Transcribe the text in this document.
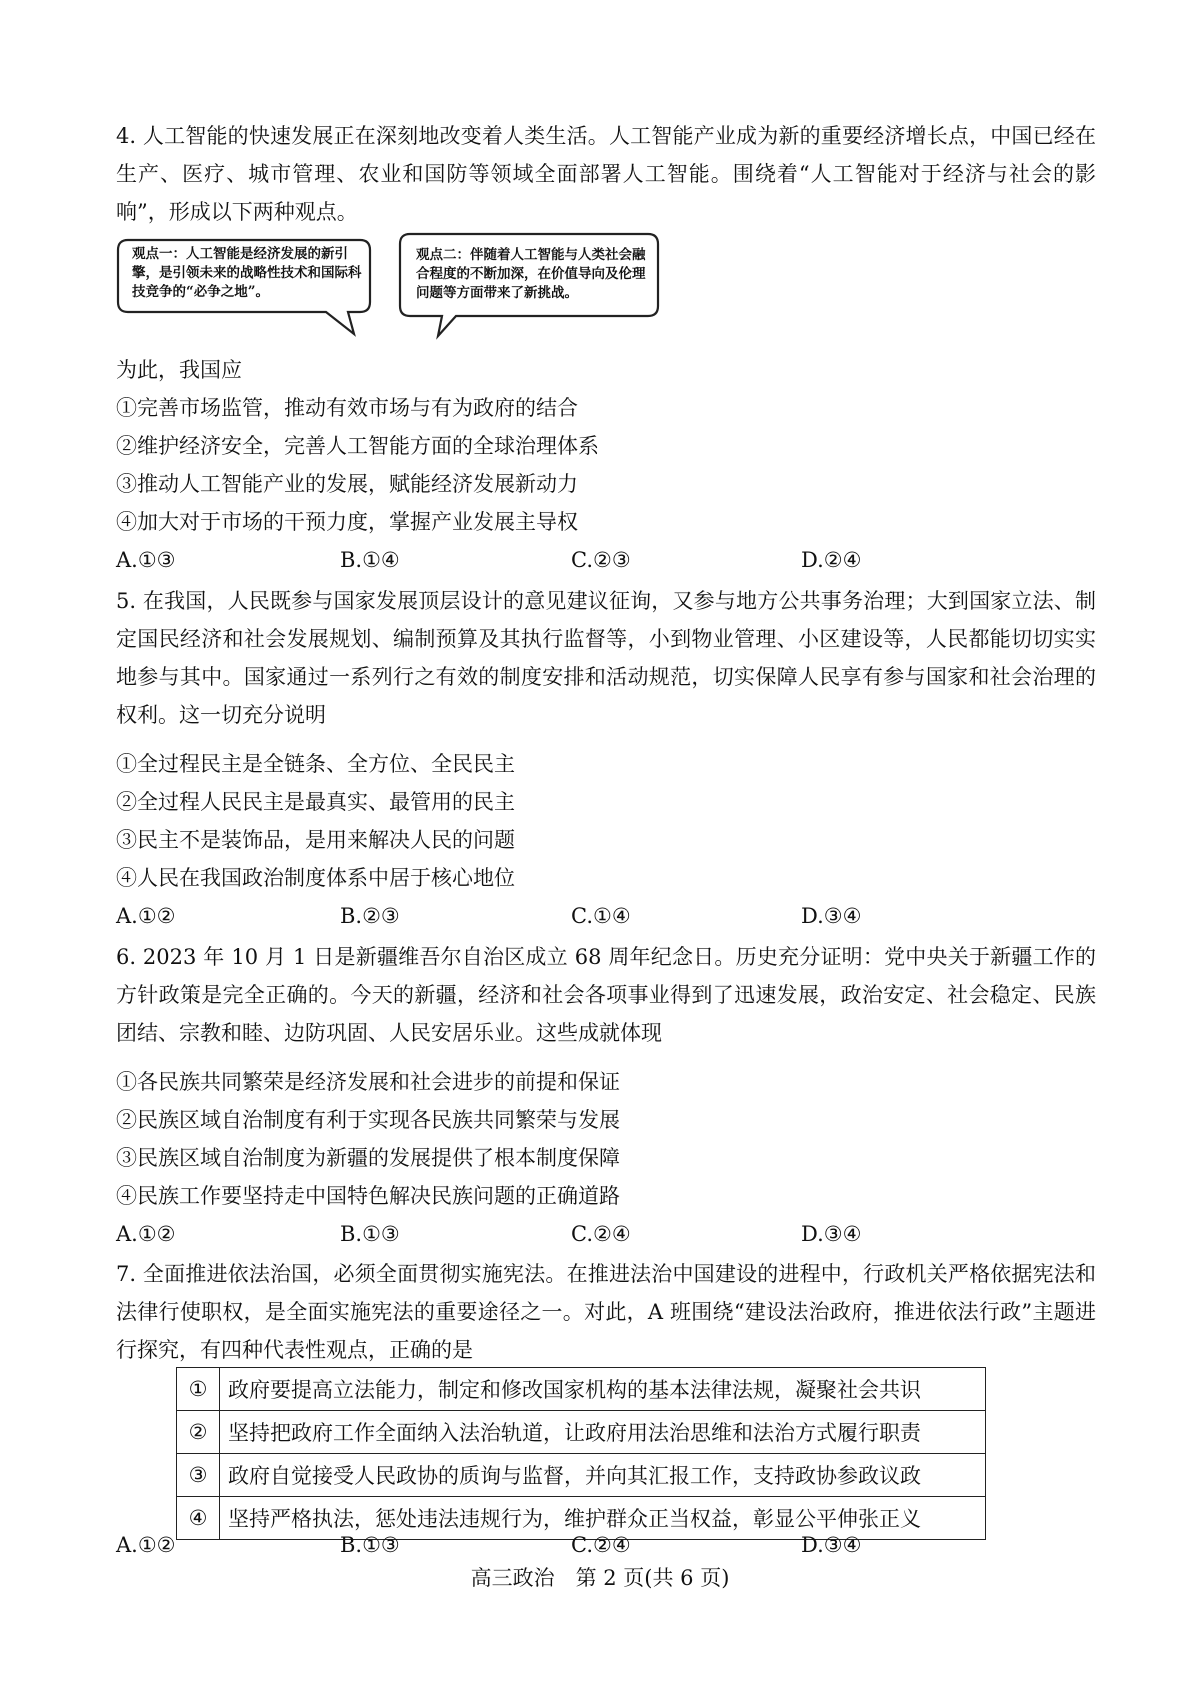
4. 人工智能的快速发展正在深刻地改变着人类生活。人工智能产业成为新的重要经济增长点，中国已经在生产、医疗、城市管理、农业和国防等领域全面部署人工智能。围绕着“人工智能对于经济与社会的影响”，形成以下两种观点。
观点一：人工智能是经济发展的新引擎，是引领未来的战略性技术和国际科技竞争的“必争之地”。
观点二：伴随着人工智能与人类社会融合程度的不断加深，在价值导向及伦理问题等方面带来了新挑战。
为此，我国应
①完善市场监管，推动有效市场与有为政府的结合
②维护经济安全，完善人工智能方面的全球治理体系
③推动人工智能产业的发展，赋能经济发展新动力
④加大对于市场的干预力度，掌握产业发展主导权
A.①③	B.①④	C.②③	D.②④
5. 在我国，人民既参与国家发展顶层设计的意见建议征询，又参与地方公共事务治理；大到国家立法、制定国民经济和社会发展规划、编制预算及其执行监督等，小到物业管理、小区建设等，人民都能切切实实地参与其中。国家通过一系列行之有效的制度安排和活动规范，切实保障人民享有参与国家和社会治理的权利。这一切充分说明
①全过程民主是全链条、全方位、全民民主
②全过程人民民主是最真实、最管用的民主
③民主不是装饰品，是用来解决人民的问题
④人民在我国政治制度体系中居于核心地位
A.①②	B.②③	C.①④	D.③④
6. 2023 年 10 月 1 日是新疆维吾尔自治区成立 68 周年纪念日。历史充分证明：党中央关于新疆工作的方针政策是完全正确的。今天的新疆，经济和社会各项事业得到了迅速发展，政治安定、社会稳定、民族团结、宗教和睦、边防巩固、人民安居乐业。这些成就体现
①各民族共同繁荣是经济发展和社会进步的前提和保证
②民族区域自治制度有利于实现各民族共同繁荣与发展
③民族区域自治制度为新疆的发展提供了根本制度保障
④民族工作要坚持走中国特色解决民族问题的正确道路
A.①②	B.①③	C.②④	D.③④
7. 全面推进依法治国，必须全面贯彻实施宪法。在推进法治中国建设的进程中，行政机关严格依据宪法和法律行使职权，是全面实施宪法的重要途径之一。对此，A 班围绕“建设法治政府，推进依法行政”主题进行探究，有四种代表性观点，正确的是
①	政府要提高立法能力，制定和修改国家机构的基本法律法规，凝聚社会共识
②	坚持把政府工作全面纳入法治轨道，让政府用法治思维和法治方式履行职责
③	政府自觉接受人民政协的质询与监督，并向其汇报工作，支持政协参政议政
④	坚持严格执法，惩处违法违规行为，维护群众正当权益，彰显公平伸张正义
A.①②	B.①③	C.②④	D.③④
高三政治　第 2 页(共 6 页)
